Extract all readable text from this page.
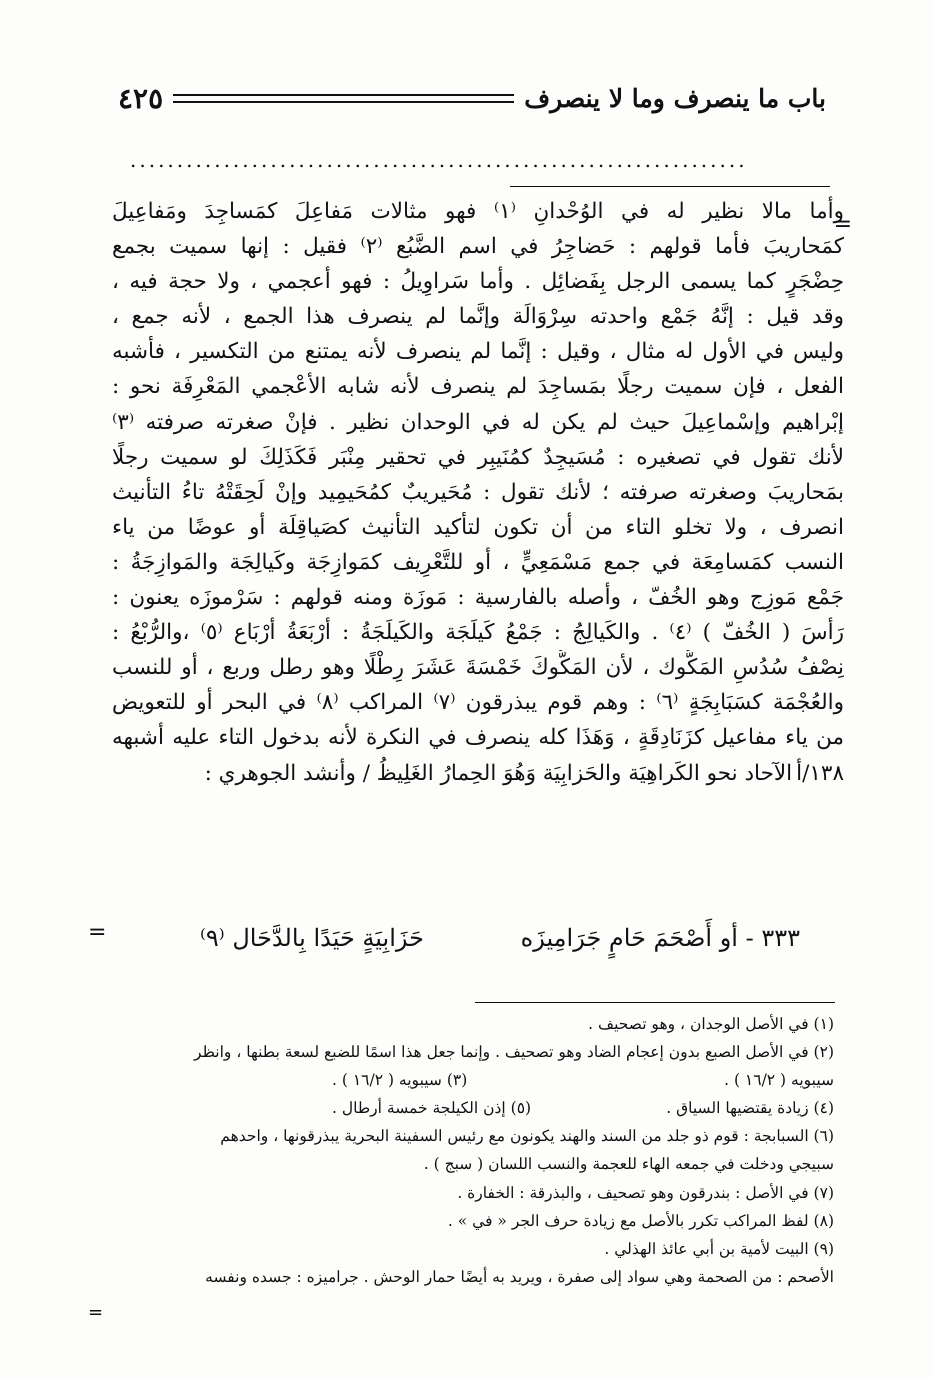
باب ما ينصرف وما لا ينصرف
٤٢٥
..................................................................
=
وأما مالا نظير له في الوُحْدانِ ⁽١⁾ فهو مثالات مَفاعِلَ كمَساجِدَ ومَفاعِيلَ
كمَحاريبَ فأما قولهم : حَضاجِرُ في اسم الضَّبُع ⁽٢⁾ فقيل : إنها سميت بجمع
حِضْجَرٍ كما يسمى الرجل بِفَضائِل . وأما سَراوِيلُ : فهو أعجمي ، ولا حجة فيه ،
وقد قيل : إنَّهُ جَمْع واحدته سِرْوَالَة وإنَّما لم ينصرف هذا الجمع ، لأنه جمع ،
وليس في الأول له مثال ، وقيل : إنَّما لم ينصرف لأنه يمتنع من التكسير ، فأشبه
الفعل ، فإن سميت رجلًا بمَساجِدَ لم ينصرف لأنه شابه الأعْجمي المَعْرِفَة نحو :
إبْراهيم وإسْماعِيلَ حيث لم يكن له في الوحدان نظير . فإنْ صغرته صرفته ⁽٣⁾
لأنك تقول في تصغيره : مُسَيجِدٌ كمُنَيبِر في تحقير مِنْبَر فَكَذَلِكَ لو سميت رجلًا
بمَحاريبَ وصغرته صرفته ؛ لأنك تقول : مُحَيريبٌ كمُحَيمِيد وإنْ لَحِقَتْهُ تاءُ التأنيث
انصرف ، ولا تخلو التاء من أن تكون لتأكيد التأنيث كصَياقِلَة أو عوضًا من ياء
النسب كمَسامِعَة في جمع مَسْمَعِيٍّ ، أو للتَّعْرِيف كمَوازِجَة وكَيالِجَة والمَوازِجَةُ :
جَمْع مَوزِج وهو الخُفّ ، وأصله بالفارسية : مَوزَة ومنه قولهم : سَرْموزَه يعنون :
رَأسَ ( الخُفّ ) ⁽٤⁾ . والكَيالِجُ : جَمْعُ كَيلَجَة والكَيلَجَةُ : أرْبَعَةُ أرْبَاع ⁽٥⁾ ،والرُّبْعُ :
نِصْفُ سُدُسِ المَكُّوك ، لأن المَكُّوكَ خَمْسَةَ عَشَرَ رِطْلًا وهو رطل وربع ، أو للنسب
والعُجْمَة كسَبَابِجَةٍ ⁽٦⁾ : وهم قوم يبذرقون ⁽٧⁾ المراكب ⁽٨⁾ في البحر أو للتعويض
من ياء مفاعيل كزَنَادِقَةٍ ، وَهَذَا كله ينصرف في النكرة لأنه بدخول التاء عليه أشبهه
١٣٨/أالآحاد نحو الكَراهِيَة والحَزابِيَة وَهُوَ الحِمارُ الغَلِيظُ / وأنشد الجوهري :
٣٣٣ - أو أَصْحَمَ حَامٍ جَرَامِيزَه
حَزَابِيَةٍ حَيَدًا بِالدَّحَال ⁽٩⁾
=
(١) في الأصل الوجدان ، وهو تصحيف .
(٢) في الأصل الصبع بدون إعجام الضاد وهو تصحيف . وإنما جعل هذا اسمًا للضبع لسعة بطنها ، وانظر
سيبويه ( ١٦/٢ ) .
(٣) سيبويه ( ١٦/٢ ) .
(٤) زيادة يقتضيها السياق .
(٥) إذن الكيلجة خمسة أرطال .
(٦) السبابجة : قوم ذو جلد من السند والهند يكونون مع رئيس السفينة البحرية يبذرقونها ، واحدهم
سبيجي ودخلت في جمعه الهاء للعجمة والنسب اللسان ( سبج ) .
(٧) في الأصل : بندرقون وهو تصحيف ، والبذرقة : الخفارة .
(٨) لفظ المراكب تكرر بالأصل مع زيادة حرف الجر « في » .
(٩) البيت لأمية بن أبي عائذ الهذلي .
الأصحم : من الصحمة وهي سواد إلى صفرة ، ويريد به أيضًا حمار الوحش . جراميزه : جسده ونفسه
=
